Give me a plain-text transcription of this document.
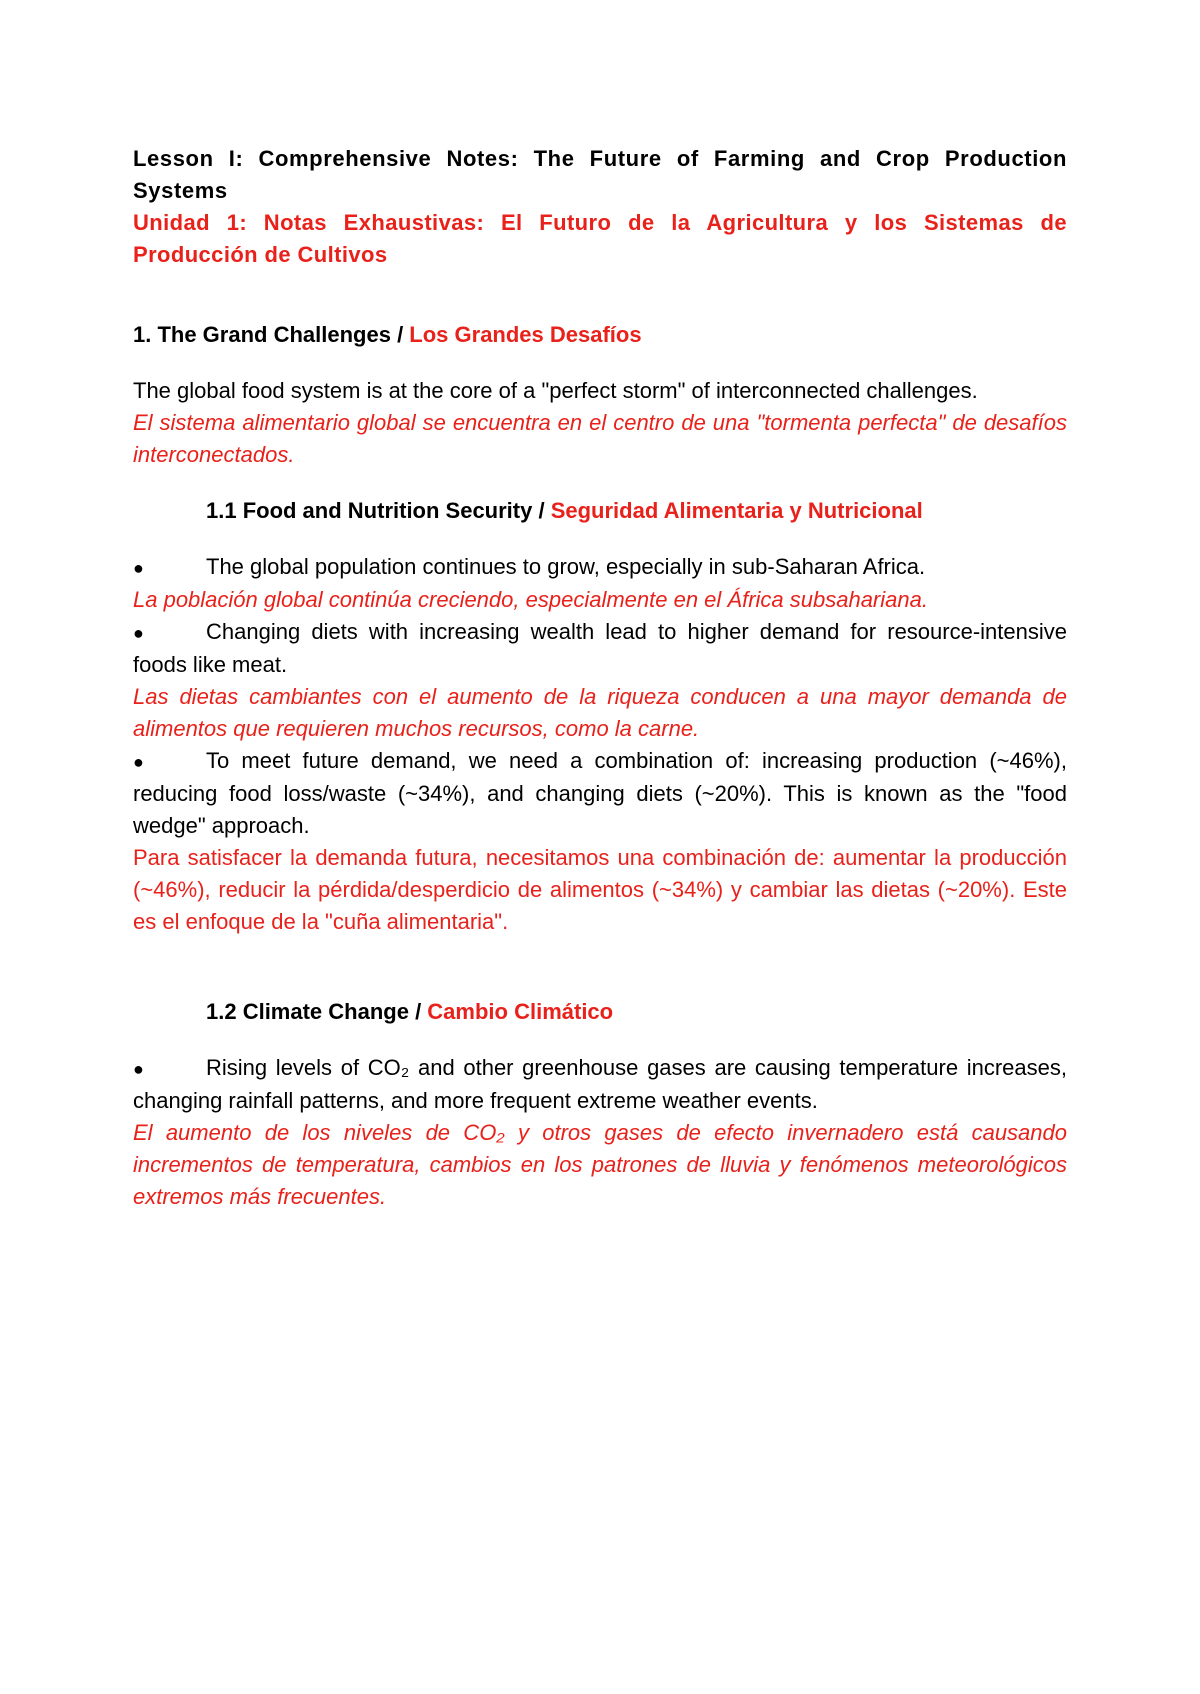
Lesson I: Comprehensive Notes: The Future of Farming and Crop Production Systems

Unidad 1: Notas Exhaustivas: El Futuro de la Agricultura y los Sistemas de Producción de Cultivos

1. The Grand Challenges / Los Grandes Desafíos

The global food system is at the core of a "perfect storm" of interconnected challenges.

El sistema alimentario global se encuentra en el centro de una "tormenta perfecta" de desafíos interconectados.

1.1 Food and Nutrition Security / Seguridad Alimentaria y Nutricional

●	The global population continues to grow, especially in sub-Saharan Africa.

La población global continúa creciendo, especialmente en el África subsahariana.

●	Changing diets with increasing wealth lead to higher demand for resource-intensive foods like meat.

Las dietas cambiantes con el aumento de la riqueza conducen a una mayor demanda de alimentos que requieren muchos recursos, como la carne.

●	To meet future demand, we need a combination of: increasing production (~46%), reducing food loss/waste (~34%), and changing diets (~20%). This is known as the "food wedge" approach.

Para satisfacer la demanda futura, necesitamos una combinación de: aumentar la producción (~46%), reducir la pérdida/desperdicio de alimentos (~34%) y cambiar las dietas (~20%). Este es el enfoque de la "cuña alimentaria".

1.2 Climate Change / Cambio Climático

●	Rising levels of CO₂ and other greenhouse gases are causing temperature increases, changing rainfall patterns, and more frequent extreme weather events.

El aumento de los niveles de CO₂ y otros gases de efecto invernadero está causando incrementos de temperatura, cambios en los patrones de lluvia y fenómenos meteorológicos extremos más frecuentes.
